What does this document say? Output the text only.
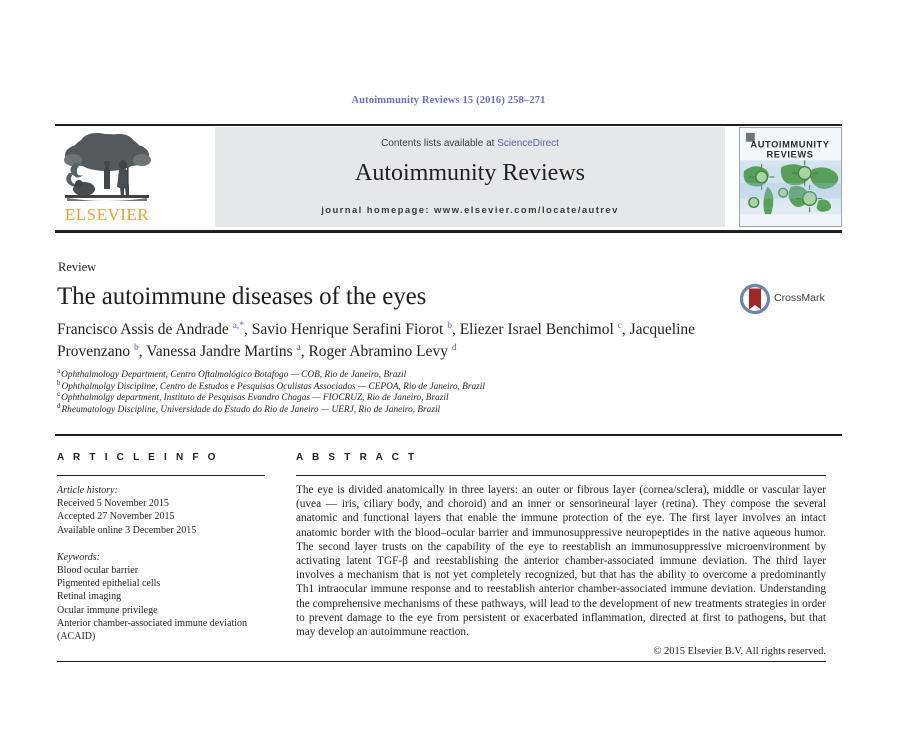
Autoimmunity Reviews 15 (2016) 258–271
ELSEVIER
Contents lists available at ScienceDirect
Autoimmunity Reviews
journal homepage: www.elsevier.com/locate/autrev
AUTOIMMUNITY
REVIEWS
Review
The autoimmune diseases of the eyes	CrossMark
Francisco Assis de Andrade $^{a,*}$, Savio Henrique Serafini Fiorot $^b$, Eliezer Israel Benchimol $^c$, Jacqueline Provenzano $^b$, Vanessa Jandre Martins $^a$, Roger Abramino Levy $^d$
$^a$Ophthalmology Department, Centro Oftalmológico Botafogo — COB, Rio de Janeiro, Brazil
$^b$Ophthalmolgy Discipline, Centro de Estudos e Pesquisas Oculistas Associados — CEPOA, Rio de Janeiro, Brazil
$^c$Ophthalmolgy department, Instituto de Pesquisas Evandro Chagas — FIOCRUZ, Rio de Janeiro, Brazil
$^d$Rheumatology Discipline, Universidade do Estado do Rio de Janeiro — UERJ, Rio de Janeiro, Brazil
A R T I C L E I N F O
Article history:
Received 5 November 2015
Accepted 27 November 2015
Available online 3 December 2015
Keywords:
Blood ocular barrier
Pigmented epithelial cells
Retinal imaging
Ocular immune privilege
Anterior chamber-associated immune deviation (ACAID)
A B S T R A C T
The eye is divided anatomically in three layers: an outer or fibrous layer (cornea/sclera), middle or vascular layer (uvea — iris, ciliary body, and choroid) and an inner or sensorineural layer (retina). They compose the several anatomic and functional layers that enable the immune protection of the eye. The first layer involves an intact anatomic border with the blood–ocular barrier and immunosuppressive neuropeptides in the native aqueous humor. The second layer trusts on the capability of the eye to reestablish an immunosuppressive microenvironment by activating latent TGF-β and reestablishing the anterior chamber-associated immune deviation. The third layer involves a mechanism that is not yet completely recognized, but that has the ability to overcome a predominantly Th1 intraocular immune response and to reestablish anterior chamber-associated immune deviation. Understanding the comprehensive mechanisms of these pathways, will lead to the development of new treatments strategies in order to prevent damage to the eye from persistent or exacerbated inflammation, directed at first to pathogens, but that may develop an autoimmune reaction.
© 2015 Elsevier B.V. All rights reserved.
